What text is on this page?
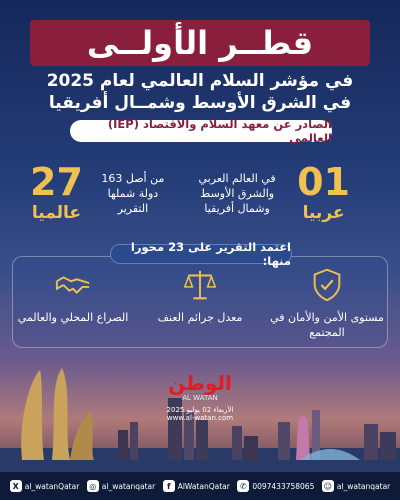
قطــر الأولــى
في مؤشر السلام العالمي لعام 2025
في الشرق الأوسط وشمــال أفريقيا
الصادر عن معهد السلام والاقتصاد (IEP) العالمي
01
عربيا
في العالم العربي والشرق الأوسط وشمال أفريقيا
27
عالميا
من أصل 163 دولة شملها التقرير
اعتمد التقرير على 23 محورا منها:
مستوى الأمن والأمان في المجتمع
معدل جرائم العنف
الصراع المحلي والعالمي
الوطن
AL WATAN
الأربعاء 02 يوليو 2025
www.al-watan.com
X al_watanQatar	◎ al_watanqatar	f AlWatanQatar	✆ 0097433758065 ☺ al_watanqatar
